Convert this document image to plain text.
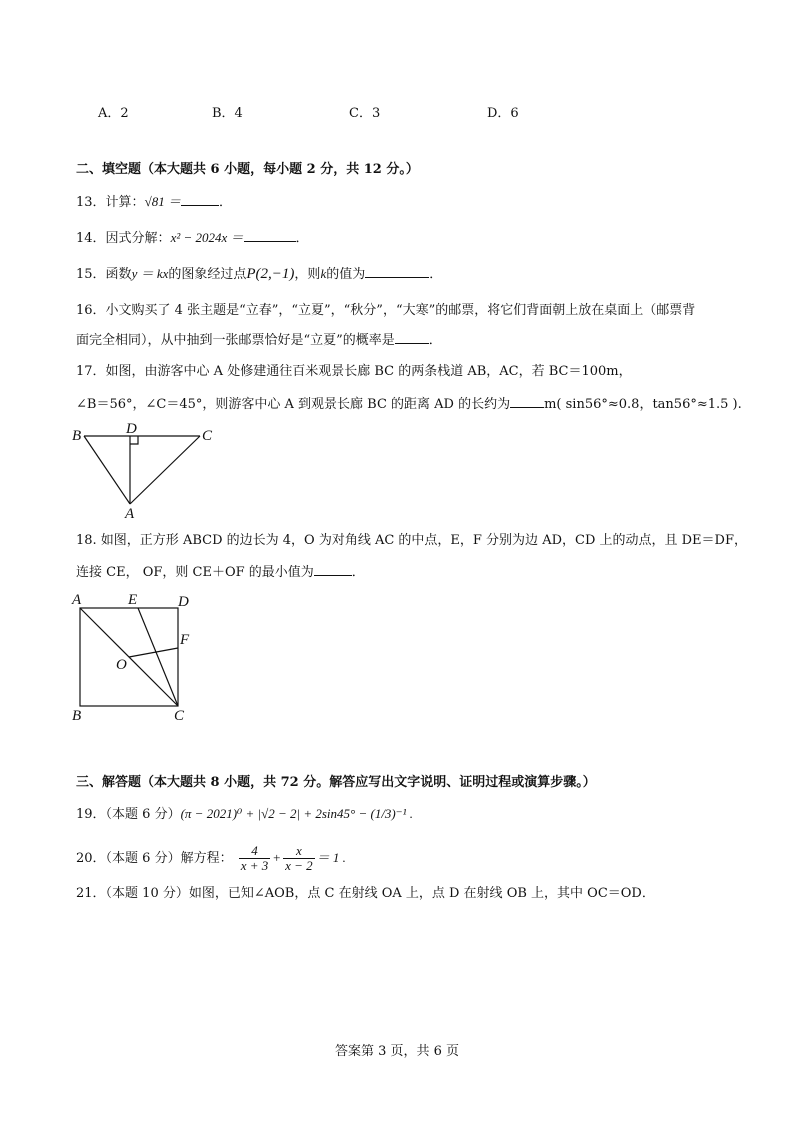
A．2	B．4	C．3	D．6
二、填空题（本大题共 6 小题，每小题 2 分，共 12 分。）
13．计算：√81 ＝	．
14．因式分解：x² − 2024x ＝	．
15．函数y ＝ kx的图象经过点P(2,−1)，则k的值为	．
16．小文购买了 4 张主题是“立春”，“立夏”，“秋分”，“大寒”的邮票，将它们背面朝上放在桌面上（邮票背
面完全相同），从中抽到一张邮票恰好是“立夏”的概率是	．
17．如图，由游客中心 A 处修建通往百米观景长廊 BC 的两条栈道 AB，AC，若 BC＝100m，
∠B＝56°，∠C＝45°，则游客中心 A 到观景长廊 BC 的距离 AD 的长约为	m( sin56°≈0.8，tan56°≈1.5 ).
B	D	C
A
18. 如图，正方形 ABCD 的边长为 4，O 为对角线 AC 的中点，E，F 分别为边 AD，CD 上的动点，且 DE＝DF，
连接 CE， OF，则 CE＋OF 的最小值为	．
A	E	D
F
O
B	C
三、解答题（本大题共 8 小题，共 72 分。解答应写出文字说明、证明过程或演算步骤。）
19．（本题 6 分）(π − 2021)⁰ + |√2 − 2| + 2sin45° − (1/3)⁻¹ .
20．（本题 6 分）解方程： $\frac{4}{x + 3} + \frac{x}{x - 2} = 1$ .
21．（本题 10 分）如图，已知∠AOB，点 C 在射线 OA 上，点 D 在射线 OB 上，其中 OC＝OD．
答案第 3 页，共 6 页
